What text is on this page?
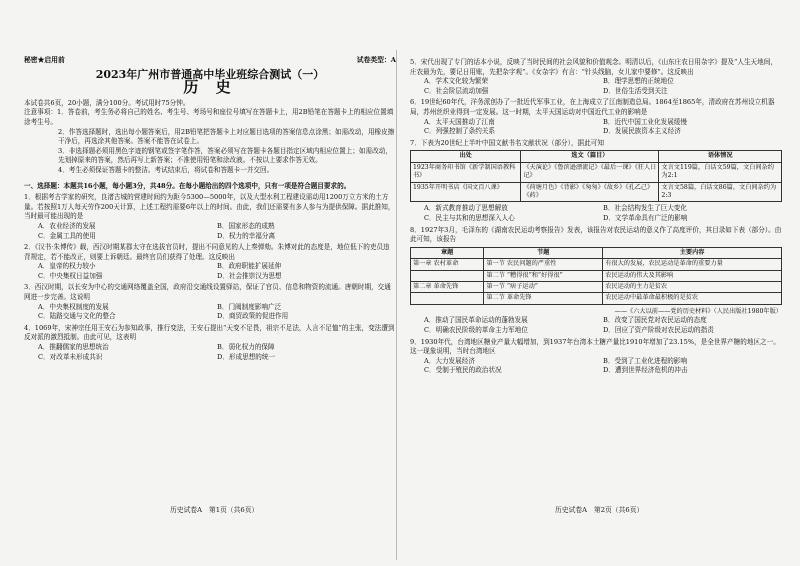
秘密★启用前	试卷类型：A
2023年广州市普通高中毕业班综合测试（一）
历 史

本试卷共6页，20小题，满分100分。考试用时75分钟。

注意事项：1．答卷前，考生务必将自己的姓名、考生号、考场号和座位号填写在答题卡上，用2B铅笔在答题卡上的相应位置填涂考生号。

2．作答选择题时，选出每小题答案后，用2B铅笔把答题卡上对应题目选项的答案信息点涂黑；如需改动，用橡皮擦干净后，再选涂其他答案。答案不能答在试卷上。

3．非选择题必须用黑色字迹的钢笔或签字笔作答，答案必须写在答题卡各题目指定区域内相应位置上；如需改动，先划掉原来的答案，然后再写上新答案；不准使用铅笔和涂改液。不按以上要求作答无效。

4．考生必须保证答题卡的整洁。考试结束后，将试卷和答题卡一并交回。

一、选择题：本题共16小题，每小题3分，共48分。在每小题给出的四个选项中，只有一项是符合题目要求的。

1．根据考古学家的研究，良渚古城的营建时间约为距今5300—5000年，以及大型水利工程建设需动用1200万立方米的土方量。若按照1万人每天劳作200天计算，上述工程约需要6年以上的时间。由此，我们还需要有多人参与为提供保障。据此推知，当时最可能出现的是

A．农业经济的发展	B．国家形态的成熟
C．金属工具的使用	D．权力的幸福分离

2．《汉书·朱博传》载，西汉时期某郡太守在选拔官员时，提出不同意见的人上奏弹劾。朱博对此的态度是，地位低下的吏员违背规定，若不能改正，则要上诉朝廷。最终官员们获得了处理。这反映出

A．皇帝的权力较小	B．政府职能扩展延伸
C．中央集权日益加强	D．社会推崇汉为思想

3．西汉时期，以长安为中心的交通网络覆盖全国，政府沿交通线设置驿站，保证了官员、信息和物资的流通。唐朝时期，交通网进一步完善。这说明

A．中央集权制度的发展	B．门阀制度影响广泛
C．陆路交通与文化的整合	D．商贸政策的促进作用

4．1069年，宋神宗任用王安石为参知政事，推行变法，王安石提出“天变不足畏，祖宗不足法，人言不足恤”的主张，变法遭到反对派的激烈抵制。由此可见，这表明

A．推翻儒家的思想统治	B．弱化权力的保障
C．对改革未形成共识	D．形成思想的统一

5．宋代出现了专门的话本小说，反映了当时民间的社会风貌和价值观念。明清以后，《山东庄农日用杂字》提及“人生天地间，庄农最为先，要记日用账，先把杂字观”。《女杂字》有言：“针头线脑，女儿家中要修”。这反映出

A．学术文化较为繁荣	B．理学思想的正统地位
C．社会阶层流动加强	D．世俗生活受到关注

6．19世纪60年代，洋务派创办了一批近代军事工业，在上海成立了江南制造总局。1864至1865年，清政府在苏州设立机器局，苏州丝织业得到一定发展。这一时期，太平天国运动对中国近代工业的影响是

A．太平天国推动了江南	B．近代中国工业化发展缓慢
C．列强控制了条约关系	D．发展民族资本主义经济

7．下表为20世纪上半叶中国文献书名文献状况（部分），据此可知

出处	选文（篇目）	语体情况
1923年商务印书馆《新学制国语教科书》	《天演论》《鲁滨逊漂流记》《最后一课》《狂人日记》	文言文119篇，白话文59篇，文白间杂约为2:1
1935年开明书店《国文百八课》	《荷塘月色》《背影》《匆匆》《故乡》《孔乙己》《药》	文言文58篇，白话文86篇，文白间杂约为2:3
A．新式教育推动了思想解放	B．社会结构发生了巨大变化
C．民主与共和的思想深入人心	D．文学革命具有广泛的影响

8．1927年3月，毛泽东的《湖南农民运动考察报告》发表，该报告对农民运动的意义作了高度评价，其目录如下表（部分）。由此可知，该报告

章题	节题	主要内容
第一章 农村革命	第一节 农民问题的严重性	有很大的发展，农民运动是革命的重要力量
	第二节 “糟得很”和“好得很”	农民运动的伟大及其影响
第二章 革命先锋	第一节 “痞子运动”	农民运动的主力是贫农
	第二节 革命先锋	农民运动中最革命最积极的是贫农
——《六大以前——党的历史材料》（人民出版社1980年版）
A．推动了国民革命运动的蓬勃发展	B．改变了国民党对农民运动的态度
C．明确农民阶级的革命主力军地位	D．回应了资产阶级对农民运动的指责

9．1930年代，台湾地区糖业产量大幅增加，到1937年台湾本土糖产量比1910年增加了23.15%，是全世界产糖的地区之一。这一现象说明，当时台湾地区

A．大力发展经济	B．受到了工业化进程的影响
C．受制于殖民的政治状况	D．遭到世界经济危机的冲击
历史试卷A　第1页（共6页）	历史试卷A　第2页（共6页）
